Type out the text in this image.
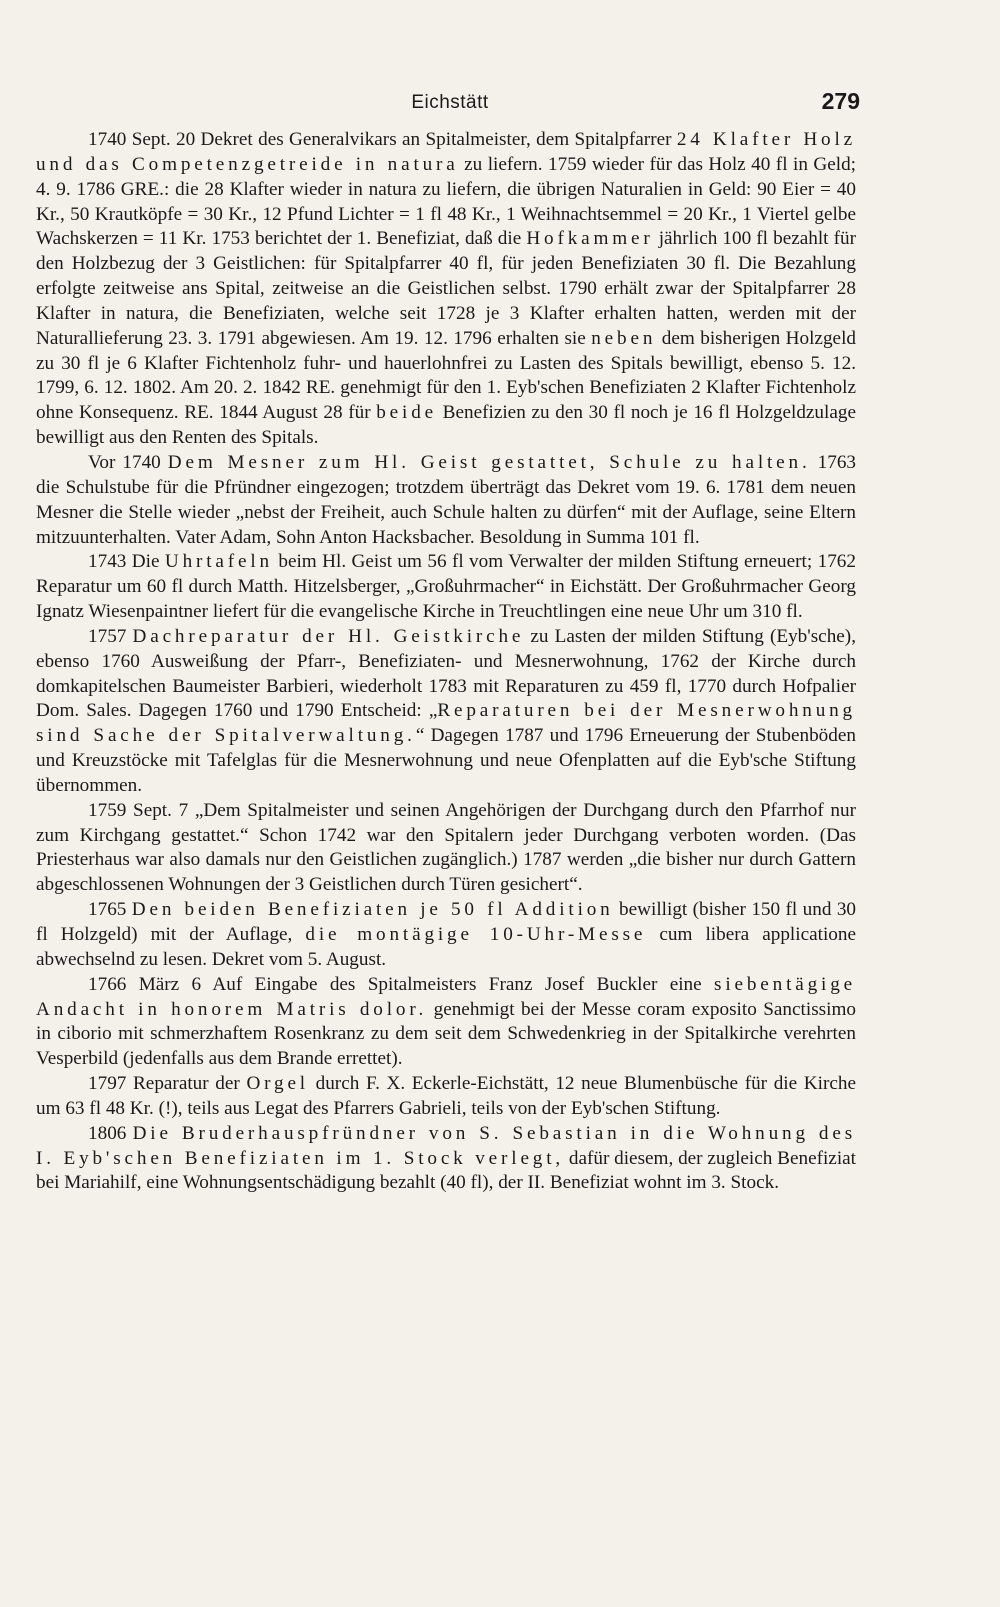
Eichstätt	279

1740 Sept. 20 Dekret des Generalvikars an Spitalmeister, dem Spitalpfarrer 24 Klafter Holz und das Competenzgetreide in natura zu liefern. 1759 wieder für das Holz 40 fl in Geld; 4. 9. 1786 GRE.: die 28 Klafter wieder in natura zu liefern, die übrigen Naturalien in Geld: 90 Eier = 40 Kr., 50 Krautköpfe = 30 Kr., 12 Pfund Lichter = 1 fl 48 Kr., 1 Weihnachtsemmel = 20 Kr., 1 Viertel gelbe Wachskerzen = 11 Kr. 1753 berichtet der 1. Benefiziat, daß die Hofkammer jährlich 100 fl bezahlt für den Holzbezug der 3 Geistlichen: für Spitalpfarrer 40 fl, für jeden Benefiziaten 30 fl. Die Bezahlung erfolgte zeitweise ans Spital, zeitweise an die Geistlichen selbst. 1790 erhält zwar der Spitalpfarrer 28 Klafter in natura, die Benefiziaten, welche seit 1728 je 3 Klafter erhalten hatten, werden mit der Naturallieferung 23. 3. 1791 abgewiesen. Am 19. 12. 1796 erhalten sie neben dem bisherigen Holzgeld zu 30 fl je 6 Klafter Fichtenholz fuhr- und hauerlohnfrei zu Lasten des Spitals bewilligt, ebenso 5. 12. 1799, 6. 12. 1802. Am 20. 2. 1842 RE. genehmigt für den 1. Eyb'schen Benefiziaten 2 Klafter Fichtenholz ohne Konsequenz. RE. 1844 August 28 für beide Benefizien zu den 30 fl noch je 16 fl Holzgeldzulage bewilligt aus den Renten des Spitals.

Vor 1740 Dem Mesner zum Hl. Geist gestattet, Schule zu halten. 1763 die Schulstube für die Pfründner eingezogen; trotzdem überträgt das Dekret vom 19. 6. 1781 dem neuen Mesner die Stelle wieder „nebst der Freiheit, auch Schule halten zu dürfen“ mit der Auflage, seine Eltern mitzuunterhalten. Vater Adam, Sohn Anton Hacksbacher. Besoldung in Summa 101 fl.

1743 Die Uhrtafeln beim Hl. Geist um 56 fl vom Verwalter der milden Stiftung erneuert; 1762 Reparatur um 60 fl durch Matth. Hitzelsberger, „Großuhrmacher“ in Eichstätt. Der Großuhrmacher Georg Ignatz Wiesenpaintner liefert für die evangelische Kirche in Treuchtlingen eine neue Uhr um 310 fl.

1757 Dachreparatur der Hl. Geistkirche zu Lasten der milden Stiftung (Eyb'sche), ebenso 1760 Ausweißung der Pfarr-, Benefiziaten- und Mesnerwohnung, 1762 der Kirche durch domkapitelschen Baumeister Barbieri, wiederholt 1783 mit Reparaturen zu 459 fl, 1770 durch Hofpalier Dom. Sales. Dagegen 1760 und 1790 Entscheid: „Reparaturen bei der Mesnerwohnung sind Sache der Spitalverwaltung.“ Dagegen 1787 und 1796 Erneuerung der Stubenböden und Kreuzstöcke mit Tafelglas für die Mesnerwohnung und neue Ofenplatten auf die Eyb'sche Stiftung übernommen.

1759 Sept. 7 „Dem Spitalmeister und seinen Angehörigen der Durchgang durch den Pfarrhof nur zum Kirchgang gestattet.“ Schon 1742 war den Spitalern jeder Durchgang verboten worden. (Das Priesterhaus war also damals nur den Geistlichen zugänglich.) 1787 werden „die bisher nur durch Gattern abgeschlossenen Wohnungen der 3 Geistlichen durch Türen gesichert“.

1765 Den beiden Benefiziaten je 50 fl Addition bewilligt (bisher 150 fl und 30 fl Holzgeld) mit der Auflage, die montägige 10-Uhr-Messe cum libera applicatione abwechselnd zu lesen. Dekret vom 5. August.

1766 März 6 Auf Eingabe des Spitalmeisters Franz Josef Buckler eine siebentägige Andacht in honorem Matris dolor. genehmigt bei der Messe coram exposito Sanctissimo in ciborio mit schmerzhaftem Rosenkranz zu dem seit dem Schwedenkrieg in der Spitalkirche verehrten Vesperbild (jedenfalls aus dem Brande errettet).

1797 Reparatur der Orgel durch F. X. Eckerle-Eichstätt, 12 neue Blumenbüsche für die Kirche um 63 fl 48 Kr. (!), teils aus Legat des Pfarrers Gabrieli, teils von der Eyb'schen Stiftung.

1806 Die Bruderhauspfründner von S. Sebastian in die Wohnung des I. Eyb'schen Benefiziaten im 1. Stock verlegt, dafür diesem, der zugleich Benefiziat bei Mariahilf, eine Wohnungsentschädigung bezahlt (40 fl), der II. Benefiziat wohnt im 3. Stock.
